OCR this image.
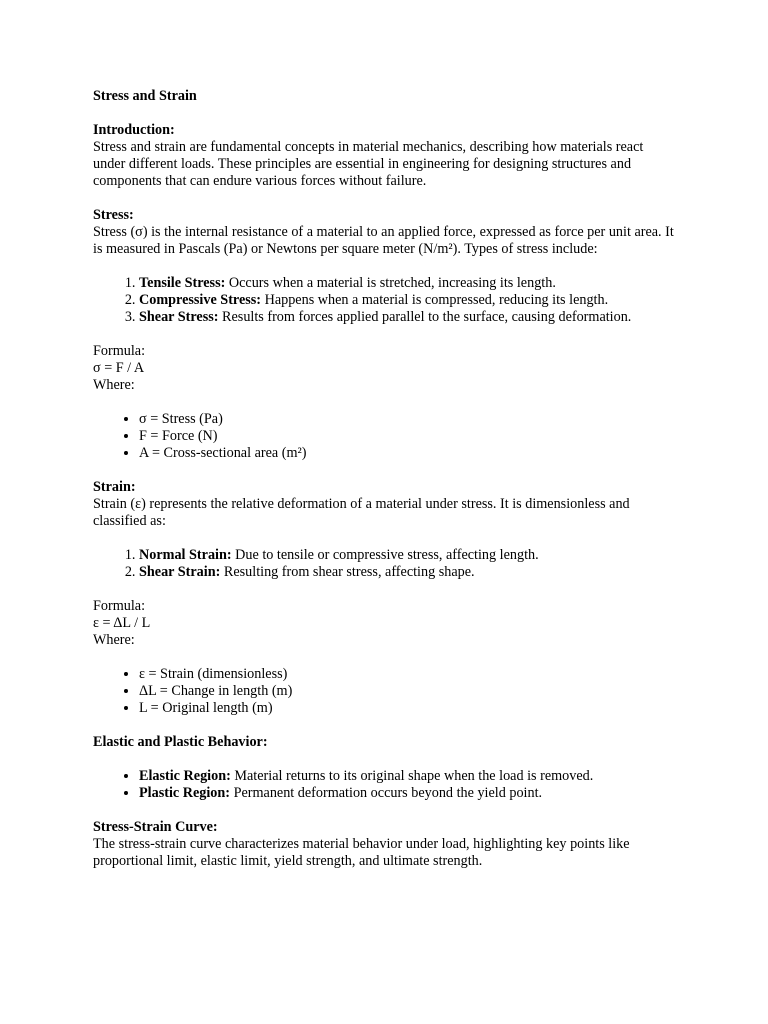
Stress and Strain

Introduction:

Stress and strain are fundamental concepts in material mechanics, describing how materials react under different loads. These principles are essential in engineering for designing structures and components that can endure various forces without failure.

Stress:

Stress (σ) is the internal resistance of a material to an applied force, expressed as force per unit area. It is measured in Pascals (Pa) or Newtons per square meter (N/m²). Types of stress include:

1. Tensile Stress: Occurs when a material is stretched, increasing its length.
2. Compressive Stress: Happens when a material is compressed, reducing its length.
3. Shear Stress: Results from forces applied parallel to the surface, causing deformation.

Formula:

σ = F / A

Where:

• σ = Stress (Pa)
• F = Force (N)
• A = Cross-sectional area (m²)

Strain:

Strain (ε) represents the relative deformation of a material under stress. It is dimensionless and classified as:

1. Normal Strain: Due to tensile or compressive stress, affecting length.
2. Shear Strain: Resulting from shear stress, affecting shape.

Formula:

ε = ΔL / L

Where:

• ε = Strain (dimensionless)
• ΔL = Change in length (m)
• L = Original length (m)

Elastic and Plastic Behavior:

• Elastic Region: Material returns to its original shape when the load is removed.
• Plastic Region: Permanent deformation occurs beyond the yield point.

Stress-Strain Curve:

The stress-strain curve characterizes material behavior under load, highlighting key points like proportional limit, elastic limit, yield strength, and ultimate strength.
